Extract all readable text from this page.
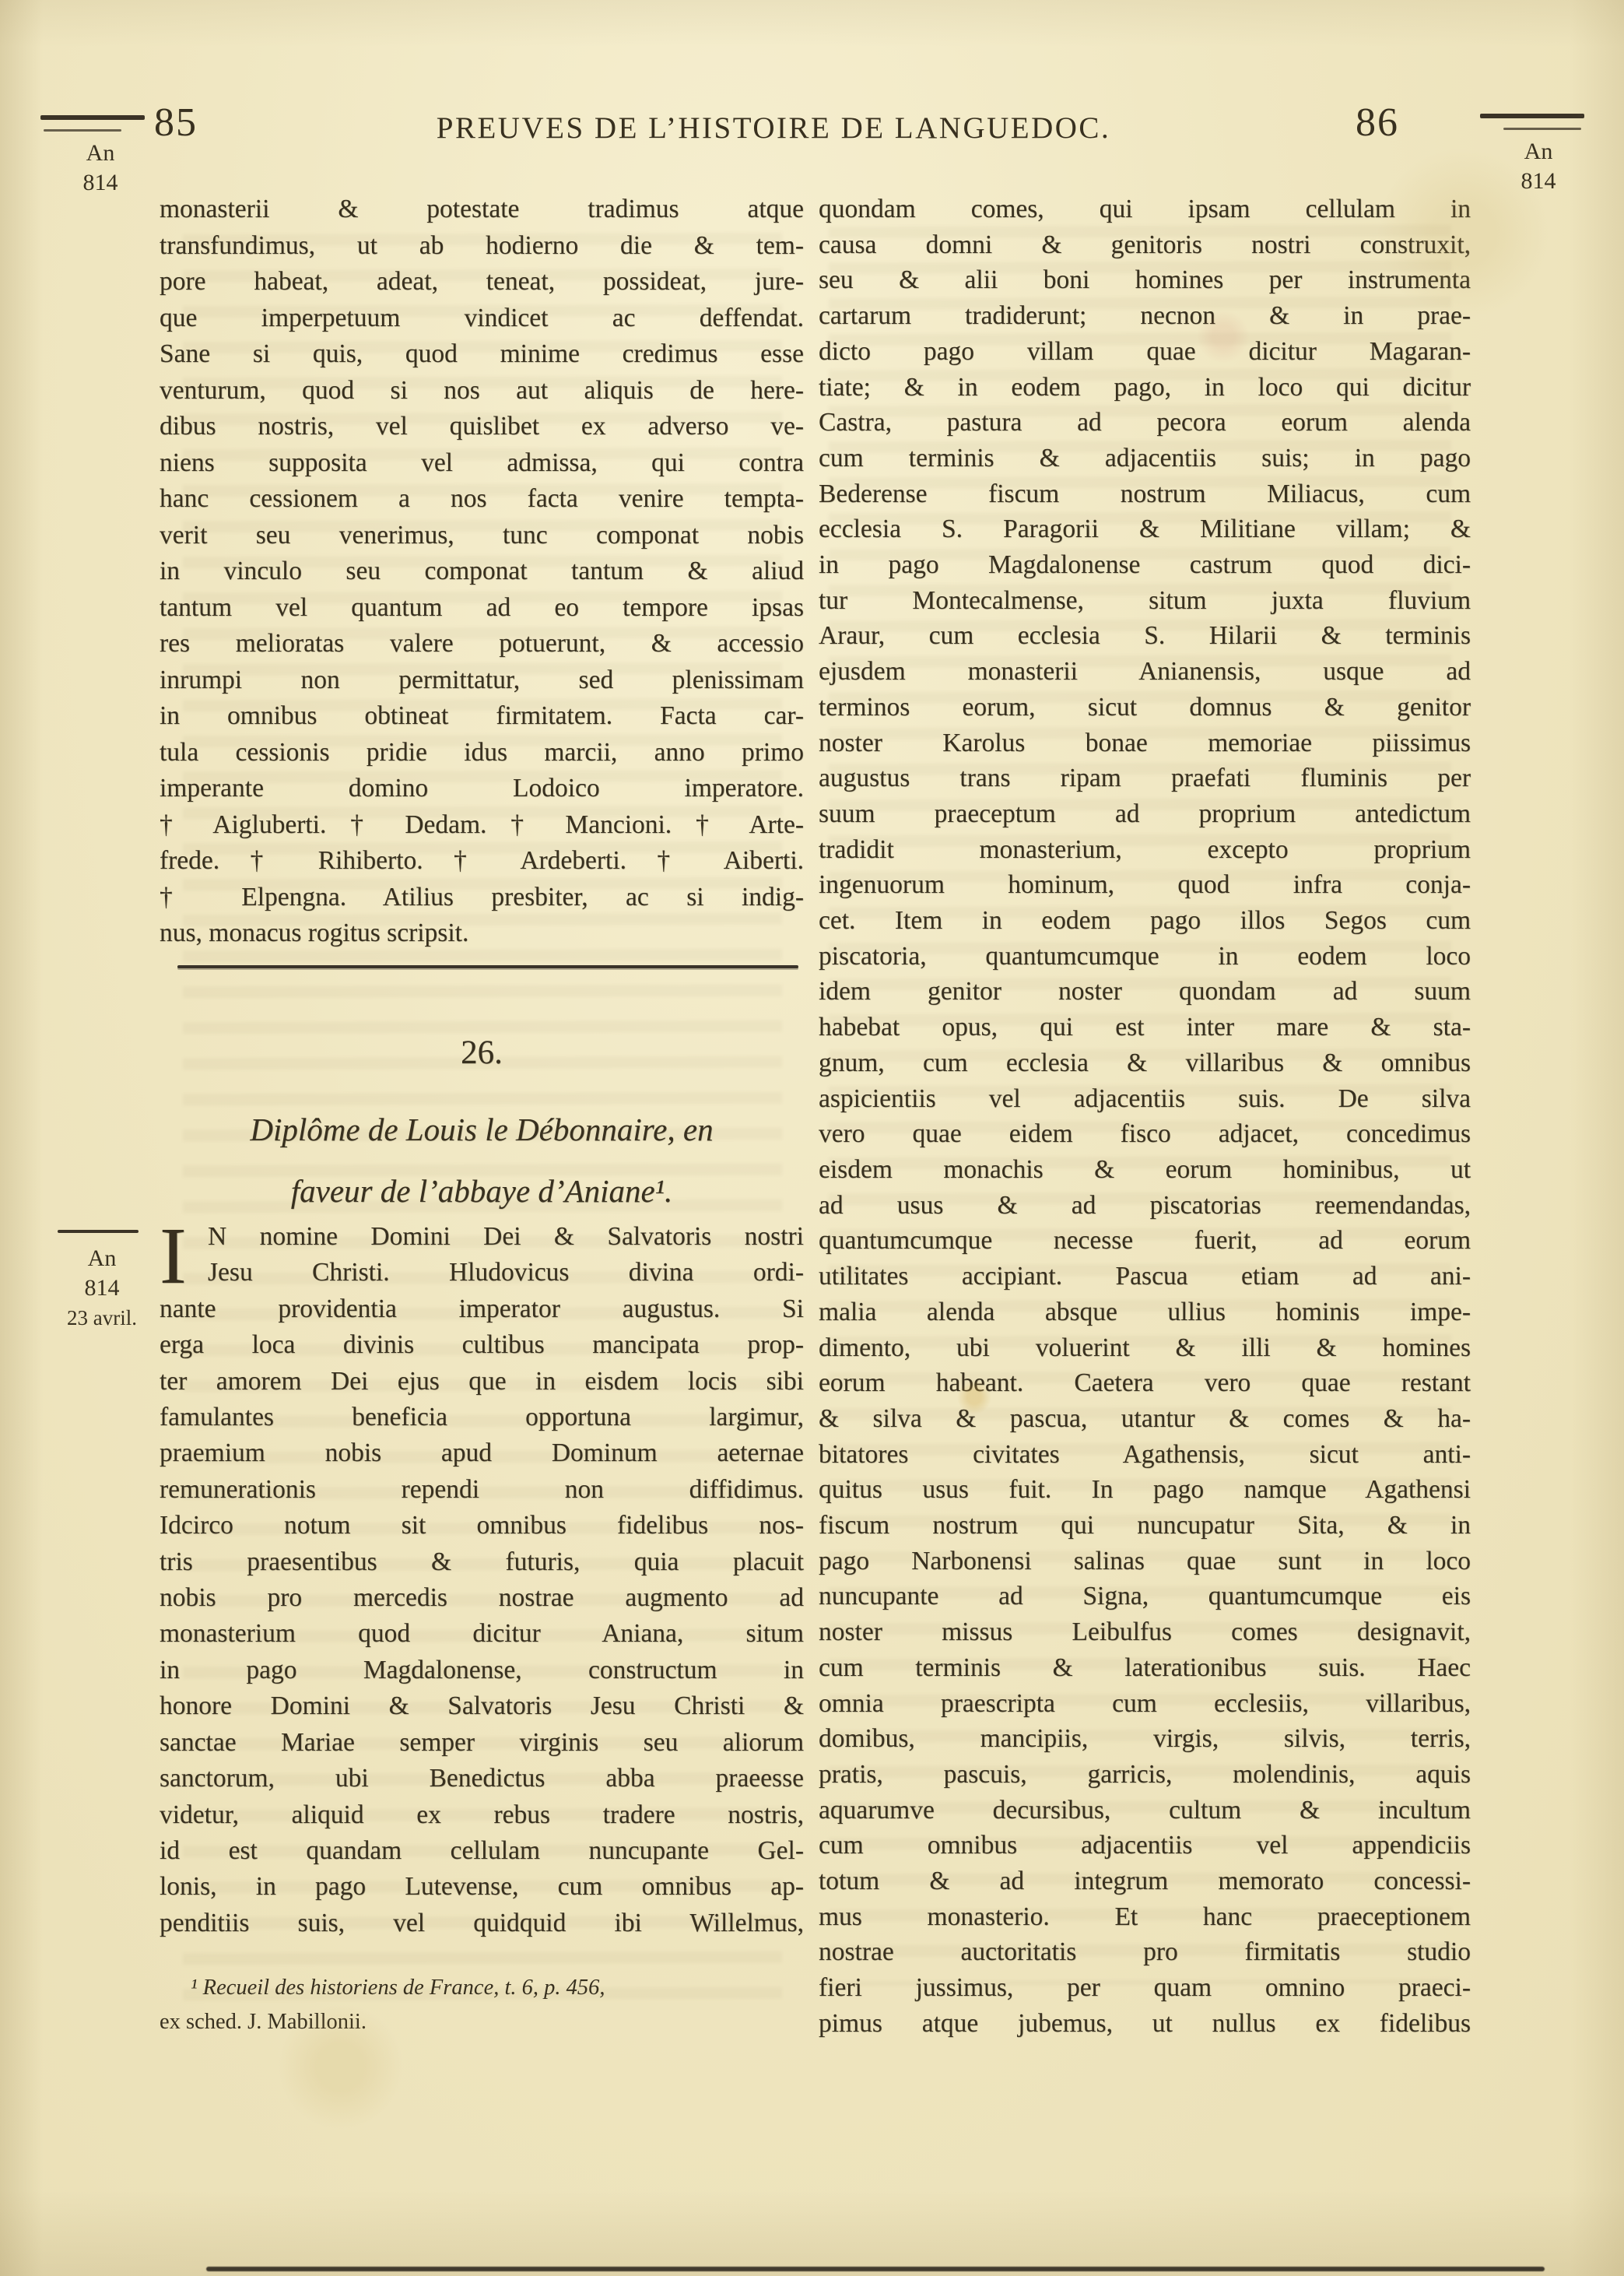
85	PREUVES DE L’HISTOIRE DE LANGUEDOC.	86
An
814
An
814
An
814
23 avril.
monasterii & potestate tradimus atque
transfundimus, ut ab hodierno die & tem-
pore habeat, adeat, teneat, possideat, jure-
que imperpetuum vindicet ac deffendat.
Sane si quis, quod minime credimus esse
venturum, quod si nos aut aliquis de here-
dibus nostris, vel quislibet ex adverso ve-
niens supposita vel admissa, qui contra
hanc cessionem a nos facta venire tempta-
verit seu venerimus, tunc componat nobis
in vinculo seu componat tantum & aliud
tantum vel quantum ad eo tempore ipsas
res melioratas valere potuerunt, & accessio
inrumpi non permittatur, sed plenissimam
in omnibus obtineat firmitatem. Facta car-
tula cessionis pridie idus marcii, anno primo
imperante domino Lodoico imperatore.
† Aigluberti. † Dedam. † Mancioni. † Arte-
frede. † Rihiberto. † Ardeberti. † Aiberti.
† Elpengna. Atilius presbiter, ac si indig-
nus, monacus rogitus scripsit.
26.
Diplôme de Louis le Débonnaire, en
faveur de l’abbaye d’Aniane¹.
I N nomine Domini Dei & Salvatoris nostri
Jesu Christi. Hludovicus divina ordi-
nante providentia imperator augustus. Si
erga loca divinis cultibus mancipata prop-
ter amorem Dei ejus que in eisdem locis sibi
famulantes beneficia opportuna largimur,
praemium nobis apud Dominum aeternae
remunerationis rependi non diffidimus.
Idcirco notum sit omnibus fidelibus nos-
tris praesentibus & futuris, quia placuit
nobis pro mercedis nostrae augmento ad
monasterium quod dicitur Aniana, situm
in pago Magdalonense, constructum in
honore Domini & Salvatoris Jesu Christi &
sanctae Mariae semper virginis seu aliorum
sanctorum, ubi Benedictus abba praeesse
videtur, aliquid ex rebus tradere nostris,
id est quandam cellulam nuncupante Gel-
lonis, in pago Lutevense, cum omnibus ap-
penditiis suis, vel quidquid ibi Willelmus,
¹ Recueil des historiens de France, t. 6, p. 456,
ex sched. J. Mabillonii.
quondam comes, qui ipsam cellulam in
causa domni & genitoris nostri construxit,
seu & alii boni homines per instrumenta
cartarum tradiderunt; necnon & in prae-
dicto pago villam quae dicitur Magaran-
tiate; & in eodem pago, in loco qui dicitur
Castra, pastura ad pecora eorum alenda
cum terminis & adjacentiis suis; in pago
Bederense fiscum nostrum Miliacus, cum
ecclesia S. Paragorii & Militiane villam; &
in pago Magdalonense castrum quod dici-
tur Montecalmense, situm juxta fluvium
Araur, cum ecclesia S. Hilarii & terminis
ejusdem monasterii Anianensis, usque ad
terminos eorum, sicut domnus & genitor
noster Karolus bonae memoriae piissimus
augustus trans ripam praefati fluminis per
suum praeceptum ad proprium antedictum
tradidit monasterium, excepto proprium
ingenuorum hominum, quod infra conja-
cet. Item in eodem pago illos Segos cum
piscatoria, quantumcumque in eodem loco
idem genitor noster quondam ad suum
habebat opus, qui est inter mare & sta-
gnum, cum ecclesia & villaribus & omnibus
aspicientiis vel adjacentiis suis. De silva
vero quae eidem fisco adjacet, concedimus
eisdem monachis & eorum hominibus, ut
ad usus & ad piscatorias reemendandas,
quantumcumque necesse fuerit, ad eorum
utilitates accipiant. Pascua etiam ad ani-
malia alenda absque ullius hominis impe-
dimento, ubi voluerint & illi & homines
eorum habeant. Caetera vero quae restant
& silva & pascua, utantur & comes & ha-
bitatores civitates Agathensis, sicut anti-
quitus usus fuit. In pago namque Agathensi
fiscum nostrum qui nuncupatur Sita, & in
pago Narbonensi salinas quae sunt in loco
nuncupante ad Signa, quantumcumque eis
noster missus Leibulfus comes designavit,
cum terminis & laterationibus suis. Haec
omnia praescripta cum ecclesiis, villaribus,
domibus, mancipiis, virgis, silvis, terris,
pratis, pascuis, garricis, molendinis, aquis
aquarumve decursibus, cultum & incultum
cum omnibus adjacentiis vel appendiciis
totum & ad integrum memorato concessi-
mus monasterio. Et hanc praeceptionem
nostrae auctoritatis pro firmitatis studio
fieri jussimus, per quam omnino praeci-
pimus atque jubemus, ut nullus ex fidelibus
